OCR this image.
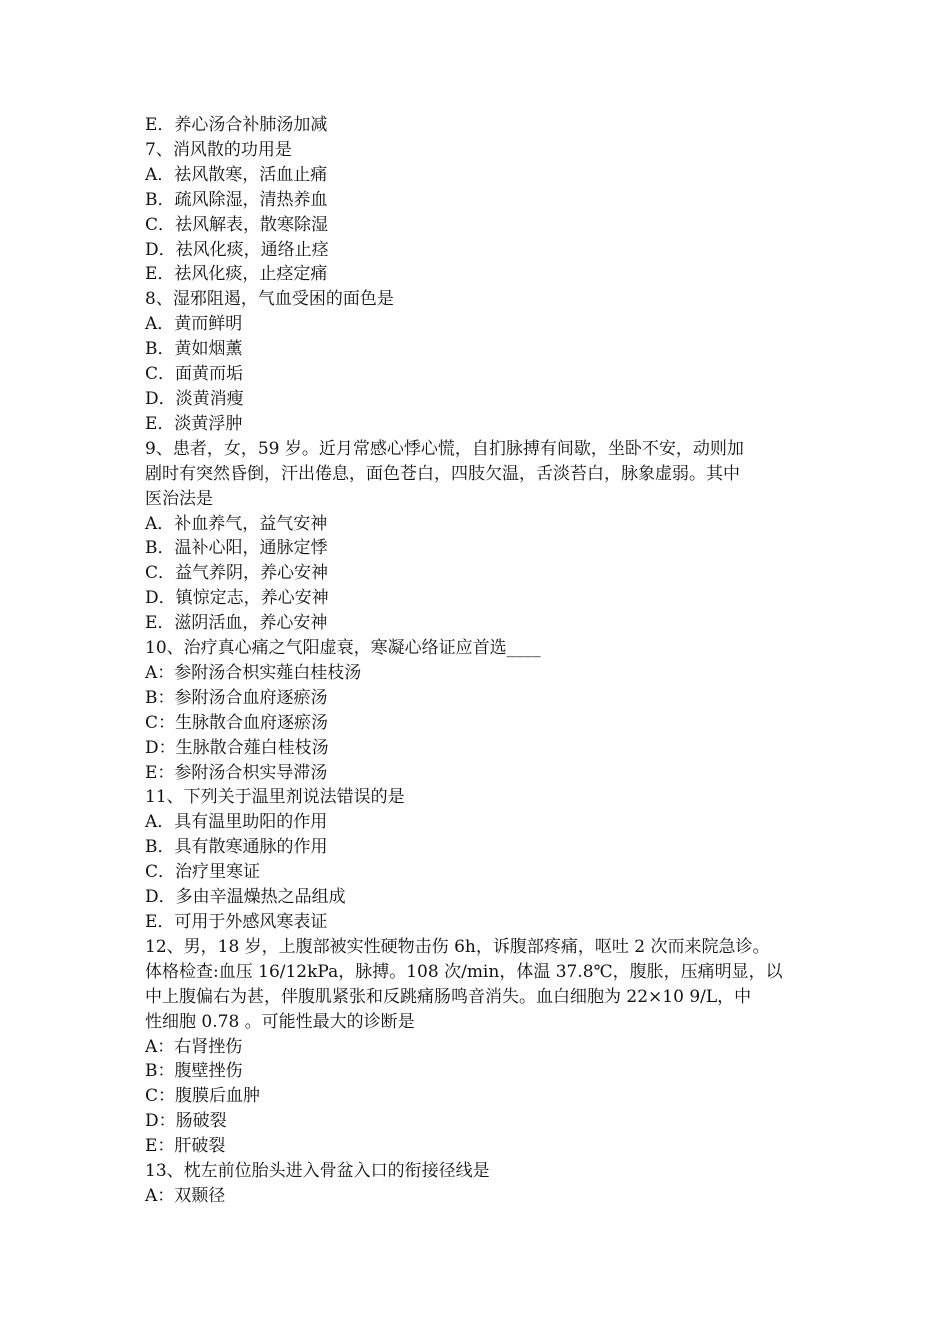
E．养心汤合补肺汤加减
7、消风散的功用是
A．祛风散寒，活血止痛
B．疏风除湿，清热养血
C．祛风解表，散寒除湿
D．祛风化痰，通络止痉
E．祛风化痰，止痉定痛
8、湿邪阻遏，气血受困的面色是
A．黄而鲜明
B．黄如烟薰
C．面黄而垢
D．淡黄消瘦
E．淡黄浮肿
9、患者，女，59 岁。近月常感心悸心慌，自扪脉搏有间歇，坐卧不安，动则加
剧时有突然昏倒，汗出倦息，面色苍白，四肢欠温，舌淡苔白，脉象虚弱。其中
医治法是
A．补血养气，益气安神
B．温补心阳，通脉定悸
C．益气养阴，养心安神
D．镇惊定志，养心安神
E．滋阴活血，养心安神
10、治疗真心痛之气阳虚衰，寒凝心络证应首选____
A：参附汤合枳实薤白桂枝汤
B：参附汤合血府逐瘀汤
C：生脉散合血府逐瘀汤
D：生脉散合薤白桂枝汤
E：参附汤合枳实导滞汤
11、下列关于温里剂说法错误的是
A．具有温里助阳的作用
B．具有散寒通脉的作用
C．治疗里寒证
D．多由辛温燥热之品组成
E．可用于外感风寒表证
12、男，18 岁，上腹部被实性硬物击伤 6h，诉腹部疼痛，呕吐 2 次而来院急诊。
体格检查:血压 16/12kPa，脉搏。108 次/min，体温 37.8℃，腹胀，压痛明显，以
中上腹偏右为甚，伴腹肌紧张和反跳痛肠鸣音消失。血白细胞为 22×10 9/L，中
性细胞 0.78 。可能性最大的诊断是
A：右肾挫伤
B：腹壁挫伤
C：腹膜后血肿
D：肠破裂
E：肝破裂
13、枕左前位胎头进入骨盆入口的衔接径线是
A：双颞径
